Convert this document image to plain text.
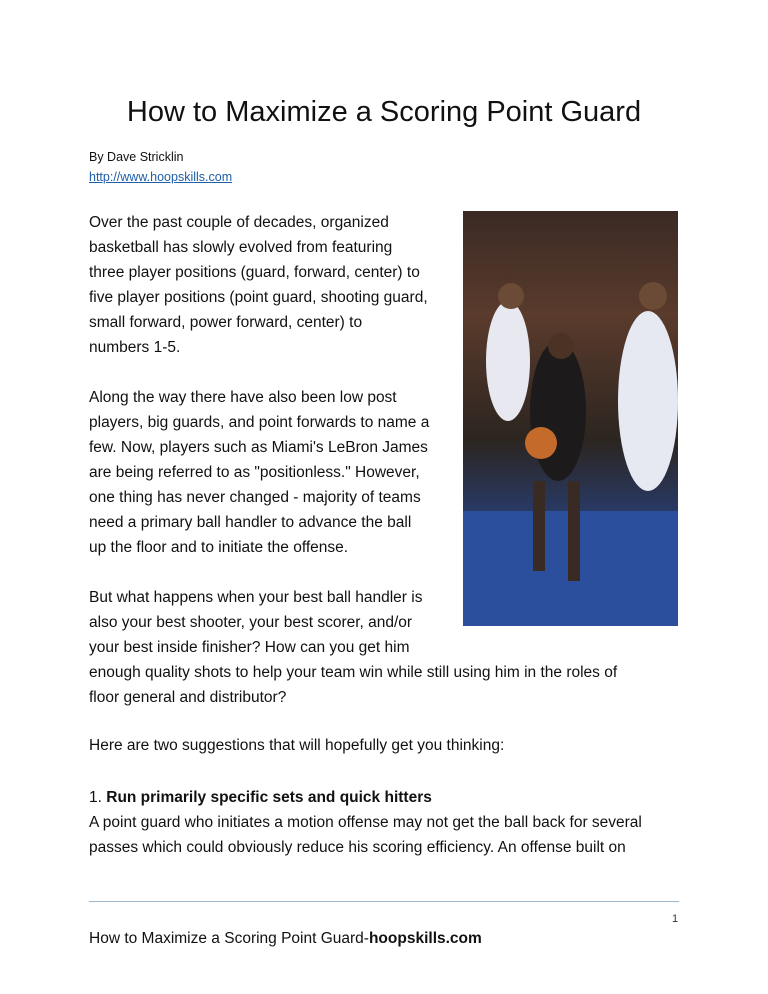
How to Maximize a Scoring Point Guard
By Dave Stricklin
http://www.hoopskills.com
Over the past couple of decades, organized
basketball has slowly evolved from featuring
three player positions (guard, forward, center) to
five player positions (point guard, shooting guard,
small forward, power forward, center) to
numbers 1-5.
Along the way there have also been low post
players, big guards, and point forwards to name a
few. Now, players such as Miami's LeBron James
are being referred to as "positionless." However,
one thing has never changed - majority of teams
need a primary ball handler to advance the ball
up the floor and to initiate the offense.
But what happens when your best ball handler is
also your best shooter, your best scorer, and/or
your best inside finisher? How can you get him
enough quality shots to help your team win while still using him in the roles of
floor general and distributor?
Here are two suggestions that will hopefully get you thinking:
1. Run primarily specific sets and quick hitters
A point guard who initiates a motion offense may not get the ball back for several
passes which could obviously reduce his scoring efficiency. An offense built on
1
How to Maximize a Scoring Point Guard-hoopskills.com
